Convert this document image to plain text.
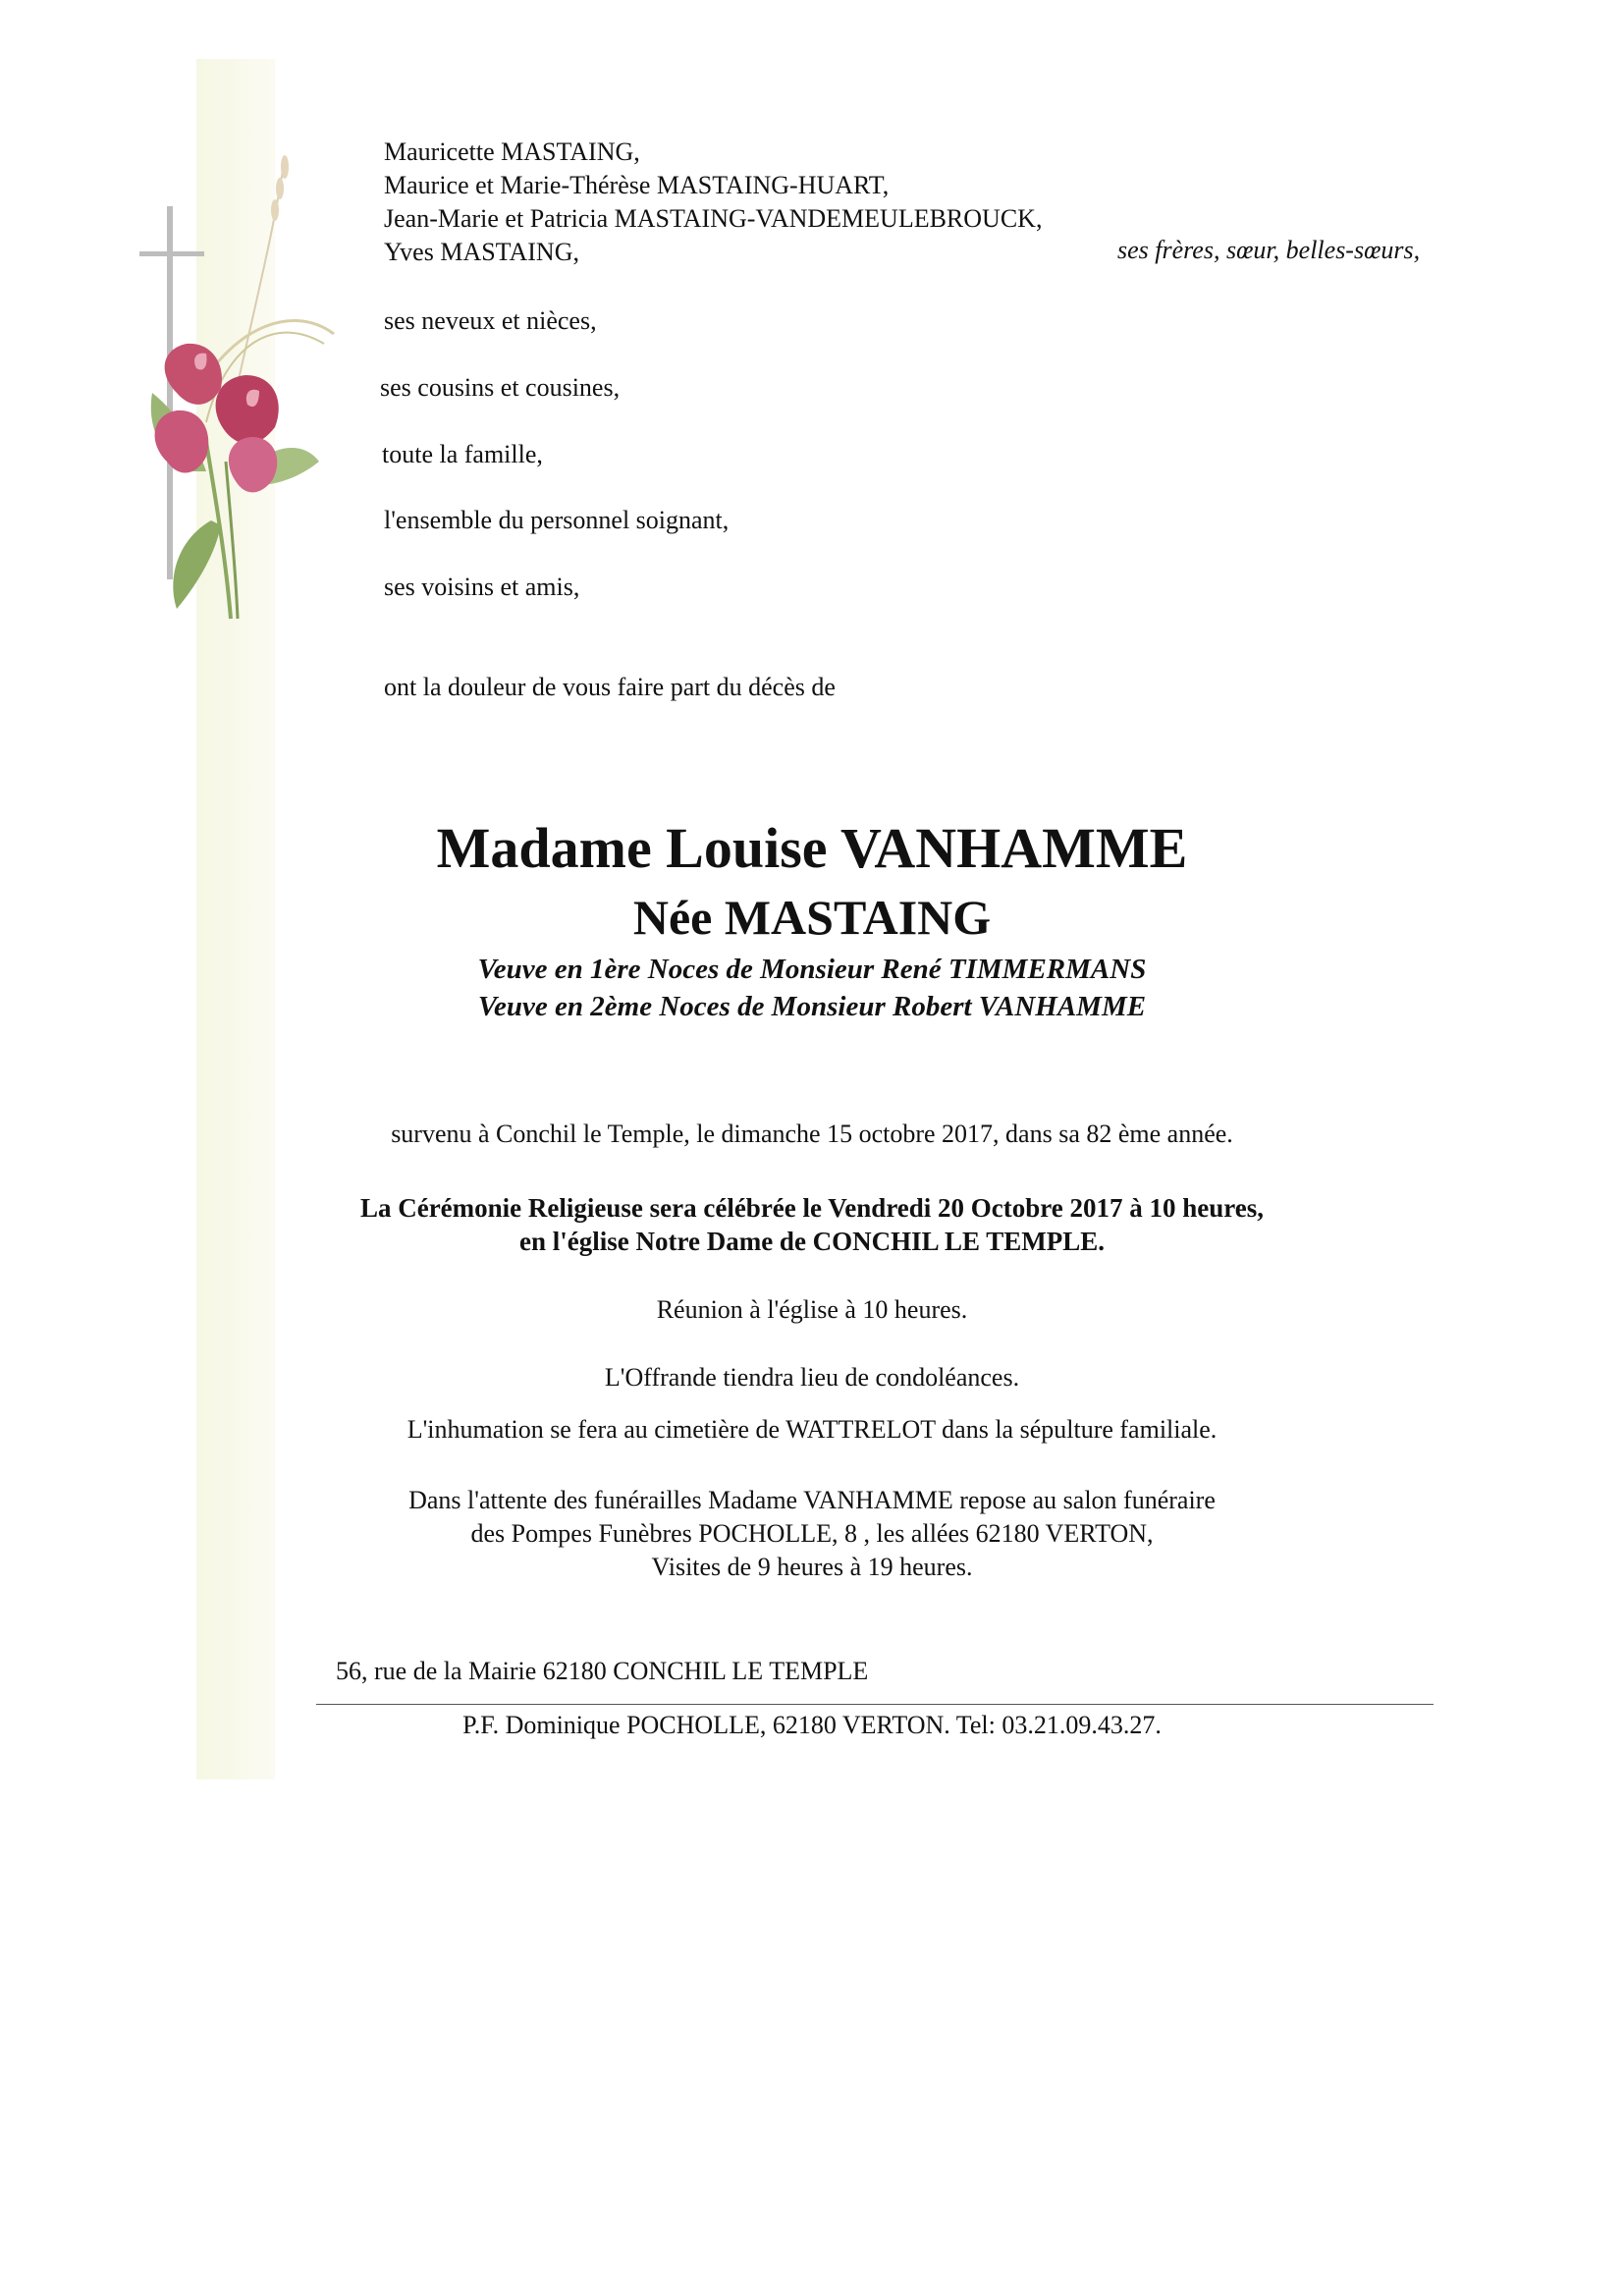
Mauricette MASTAING,
Maurice et Marie-Thérèse MASTAING-HUART,
Jean-Marie et Patricia MASTAING-VANDEMEULEBROUCK,
Yves MASTAING,	ses frères, sœur, belles-sœurs,
ses neveux et nièces,
ses cousins et cousines,
toute la famille,
l'ensemble du personnel soignant,
ses voisins et amis,
ont la douleur de vous faire part du décès de
Madame Louise VANHAMME
Née MASTAING
Veuve en 1ère Noces de Monsieur René TIMMERMANS
Veuve en 2ème Noces de Monsieur Robert VANHAMME
survenu à Conchil le Temple, le dimanche 15 octobre 2017, dans sa 82 ème année.
La Cérémonie Religieuse sera célébrée le Vendredi 20 Octobre 2017 à 10 heures,
en l'église Notre Dame de CONCHIL LE TEMPLE.
Réunion à l'église à 10 heures.
L'Offrande tiendra lieu de condoléances.
L'inhumation se fera au cimetière de WATTRELOT dans la sépulture familiale.
Dans l'attente des funérailles Madame VANHAMME repose au salon funéraire
des Pompes Funèbres POCHOLLE, 8 , les allées 62180 VERTON,
Visites de 9 heures à 19 heures.
56, rue de la Mairie 62180 CONCHIL LE TEMPLE
P.F. Dominique POCHOLLE, 62180 VERTON. Tel: 03.21.09.43.27.
